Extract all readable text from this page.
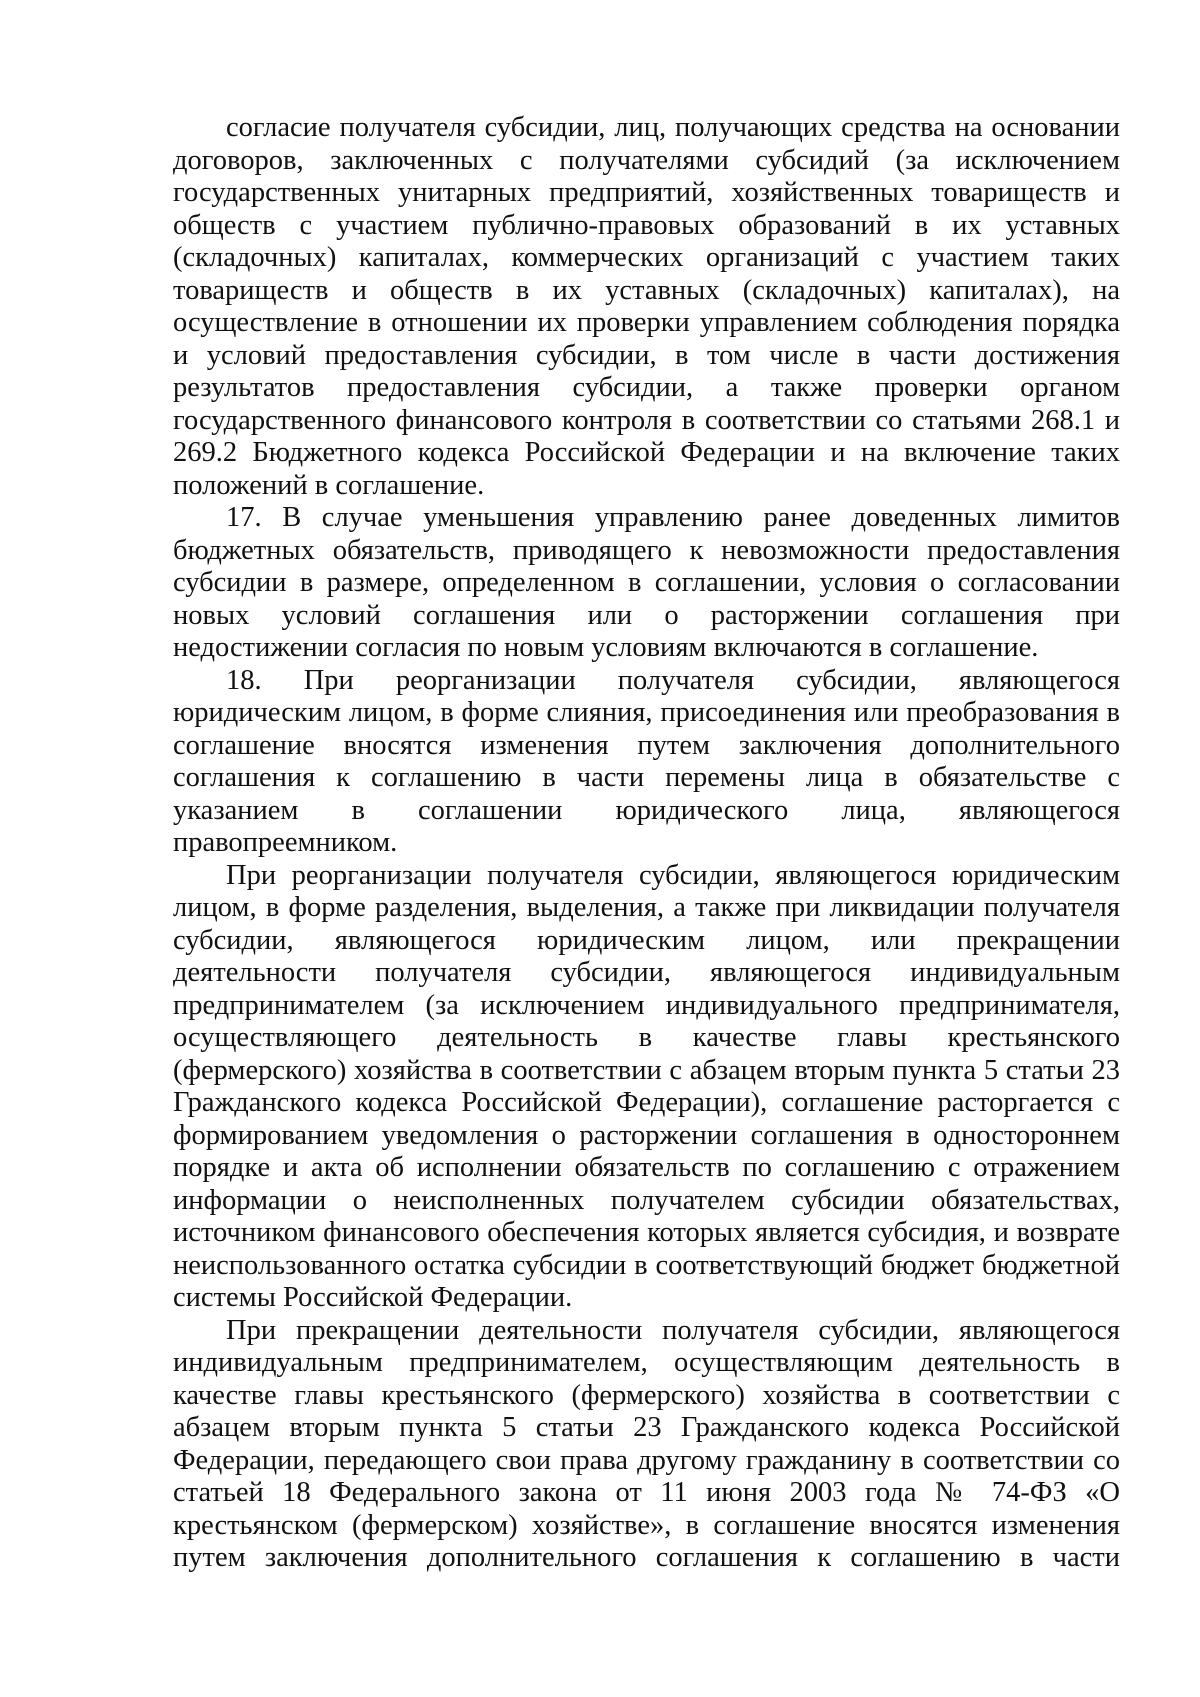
согласие получателя субсидии, лиц, получающих средства на основании договоров, заключенных с получателями субсидий (за исключением государственных унитарных предприятий, хозяйственных товариществ и обществ с участием публично-правовых образований в их уставных (складочных) капиталах, коммерческих организаций с участием таких товариществ и обществ в их уставных (складочных) капиталах), на осуществление в отношении их проверки управлением соблюдения порядка и условий предоставления субсидии, в том числе в части достижения результатов предоставления субсидии, а также проверки органом государственного финансового контроля в соответствии со статьями 268.1 и 269.2 Бюджетного кодекса Российской Федерации и на включение таких положений в соглашение.

17. В случае уменьшения управлению ранее доведенных лимитов бюджетных обязательств, приводящего к невозможности предоставления субсидии в размере, определенном в соглашении, условия о согласовании новых условий соглашения или о расторжении соглашения при недостижении согласия по новым условиям включаются в соглашение.

18. При реорганизации получателя субсидии, являющегося юридическим лицом, в форме слияния, присоединения или преобразования в соглашение вносятся изменения путем заключения дополнительного соглашения к соглашению в части перемены лица в обязательстве с указанием в соглашении юридического лица, являющегося правопреемником.

При реорганизации получателя субсидии, являющегося юридическим лицом, в форме разделения, выделения, а также при ликвидации получателя субсидии, являющегося юридическим лицом, или прекращении деятельности получателя субсидии, являющегося индивидуальным предпринимателем (за исключением индивидуального предпринимателя, осуществляющего деятельность в качестве главы крестьянского (фермерского) хозяйства в соответствии с абзацем вторым пункта 5 статьи 23 Гражданского кодекса Российской Федерации), соглашение расторгается с формированием уведомления о расторжении соглашения в одностороннем порядке и акта об исполнении обязательств по соглашению с отражением информации о неисполненных получателем субсидии обязательствах, источником финансового обеспечения которых является субсидия, и возврате неиспользованного остатка субсидии в соответствующий бюджет бюджетной системы Российской Федерации.

При прекращении деятельности получателя субсидии, являющегося индивидуальным предпринимателем, осуществляющим деятельность в качестве главы крестьянского (фермерского) хозяйства в соответствии с абзацем вторым пункта 5 статьи 23 Гражданского кодекса Российской Федерации, передающего свои права другому гражданину в соответствии со статьей 18 Федерального закона от 11 июня 2003 года № 74-ФЗ «О крестьянском (фермерском) хозяйстве», в соглашение вносятся изменения путем заключения дополнительного соглашения к соглашению в части
